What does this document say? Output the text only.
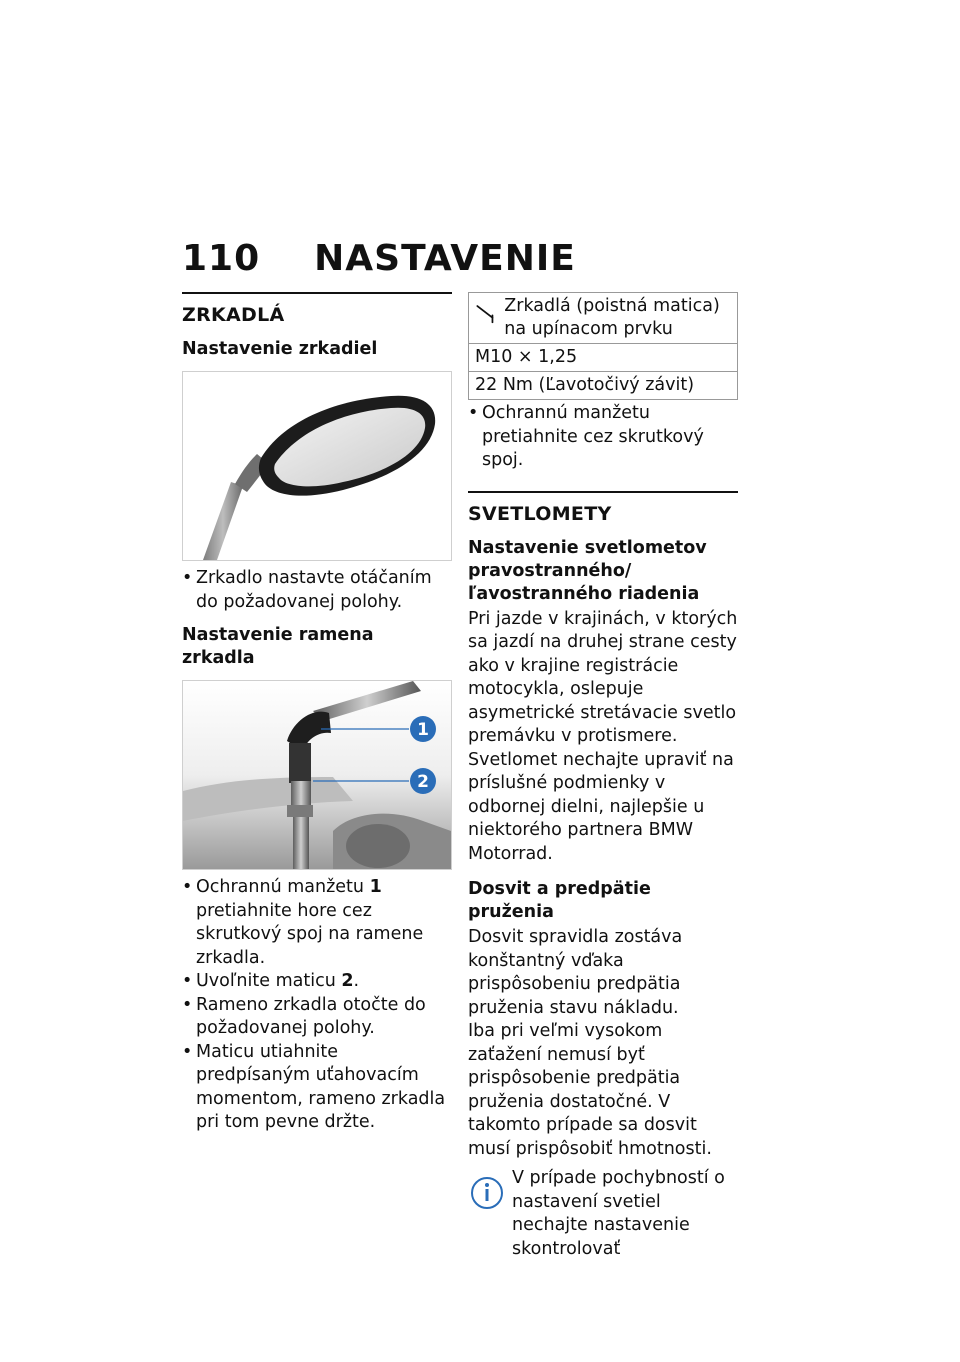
110 NASTAVENIE
ZRKADLÁ
Nastavenie zrkadiel
• Zrkadlo nastavte otáčaním do požadovanej polohy.
Nastavenie ramena zrkadla
1
2
• Ochrannú manžetu 1 pretiahnite hore cez skrutkový spoj na ramene zrkadla.
• Uvoľnite maticu 2.
• Rameno zrkadla otočte do požadovanej polohy.
• Maticu utiahnite predpísaným uťahovacím momentom, rameno zrkadla pri tom pevne držte.
Zrkadlá (poistná matica) na upínacom prvku

M10 × 1,25
22 Nm (Ľavotočivý závit)
• Ochrannú manžetu pretiahnite cez skrutkový spoj.
SVETLOMETY
Nastavenie svetlometov pravostranného/ľavostranného riadenia

Pri jazde v krajinách, v ktorých sa jazdí na druhej strane cesty ako v krajine registrácie motocykla, oslepuje asymetrické stretávacie svetlo premávku v protismere.

Svetlomet nechajte upraviť na príslušné podmienky v odbornej dielni, najlepšie u niektorého partnera BMW Motorrad.

Dosvit a predpätie pruženia

Dosvit spravidla zostáva konštantný vďaka prispôsobeniu predpätia pruženia stavu nákladu.

Iba pri veľmi vysokom zaťažení nemusí byť prispôsobenie predpätia pruženia dostatočné. V takomto prípade sa dosvit musí prispôsobiť hmotnosti.

V prípade pochybností o nastavení svetiel nechajte nastavenie skontrolovať
